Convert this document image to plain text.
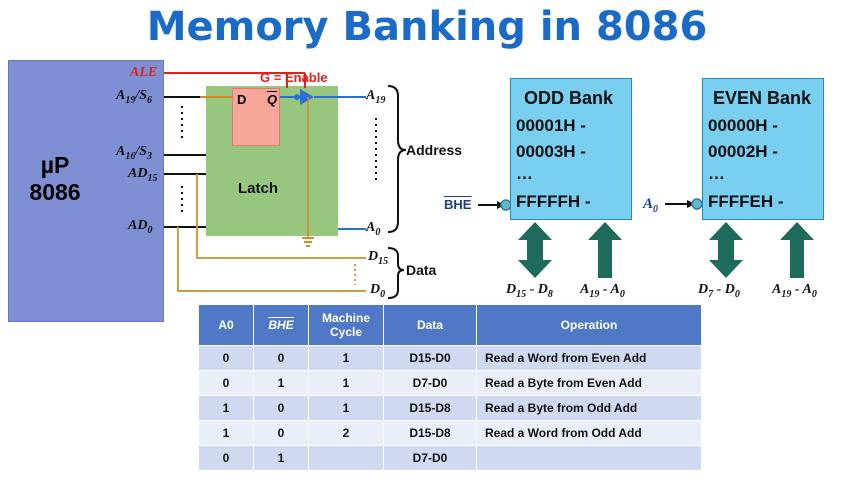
Memory Banking in 8086
µP
8086
ALE
$A_{19}/S_6$
$A_{16}/S_3$
$AD_{15}$
$AD_0$
D $\overline{Q}$
Latch
G = Enable
$A_{19}$
$A_0$
$D_{15}$
$D_0$
Address
Data
ODD Bank
00001H -
00003H -
…
FFFFFH -
$\overline{BHE}$
EVEN Bank
00000H -
00002H -
…
FFFFEH -
$A_0$
$D_{15} - D_8$ $A_{19} - A_0$	$D_7 - D_0$ $A_{19} - A_0$
A0	$\overline{BHE}$	Machine Cycle	Data	Operation
0	0	1	D15-D0	Read a Word from Even Add
0	1	1	D7-D0	Read a Byte from Even Add
1	0	1	D15-D8	Read a Byte from Odd Add
1	0	2	D15-D8	Read a Word from Odd Add
0	1		D7-D0	
